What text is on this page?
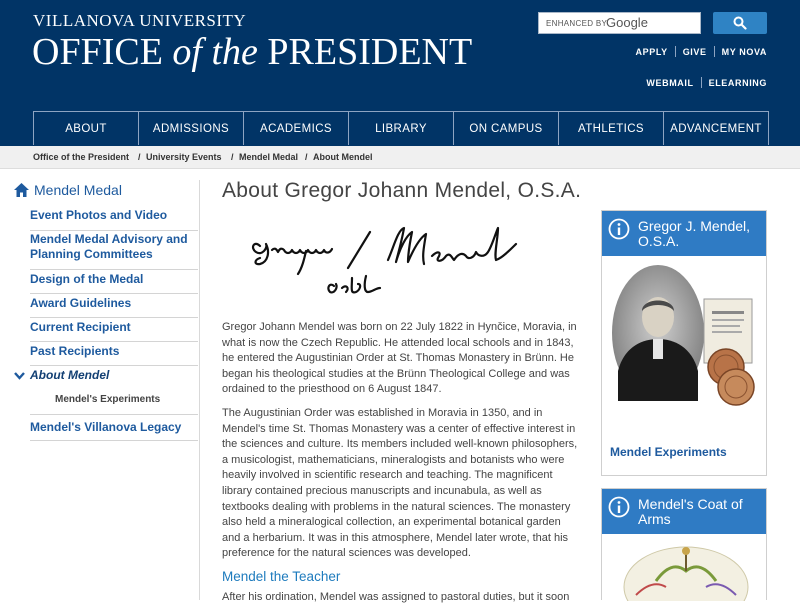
VILLANOVA UNIVERSITY
OFFICE of the PRESIDENT
ENHANCED BY
Google
APPLY	GIVE	MY NOVA
WEBMAIL	ELEARNING
ABOUT	ADMISSIONS	ACADEMICS	LIBRARY	ON CAMPUS	ATHLETICS	ADVANCEMENT
Office of the President / University Events / Mendel Medal / About Mendel
Mendel Medal
Event Photos and Video
Mendel Medal Advisory and Planning Committees
Design of the Medal
Award Guidelines
Current Recipient
Past Recipients
About Mendel
Mendel's Experiments
Mendel's Villanova Legacy
About Gregor Johann Mendel, O.S.A.

Gregor Johann Mendel was born on 22 July 1822 in Hynčice, Moravia, in what is now the Czech Republic. He attended local schools and in 1843, he entered the Augustinian Order at St. Thomas Monastery in Brünn. He began his theological studies at the Brünn Theological College and was ordained to the priesthood on 6 August 1847.

The Augustinian Order was established in Moravia in 1350, and in Mendel's time St. Thomas Monastery was a center of effective interest in the sciences and culture. Its members included well-known philosophers, a musicologist, mathematicians, mineralogists and botanists who were heavily involved in scientific research and teaching. The magnificent library contained precious manuscripts and incunabula, as well as textbooks dealing with problems in the natural sciences. The monastery also held a mineralogical collection, an experimental botanical garden and a herbarium. It was in this atmosphere, Mendel later wrote, that his preference for the natural sciences was developed.

Mendel the Teacher

After his ordination, Mendel was assigned to pastoral duties, but it soon

Gregor J. Mendel, O.S.A.
Mendel Experiments
Mendel's Coat of Arms
